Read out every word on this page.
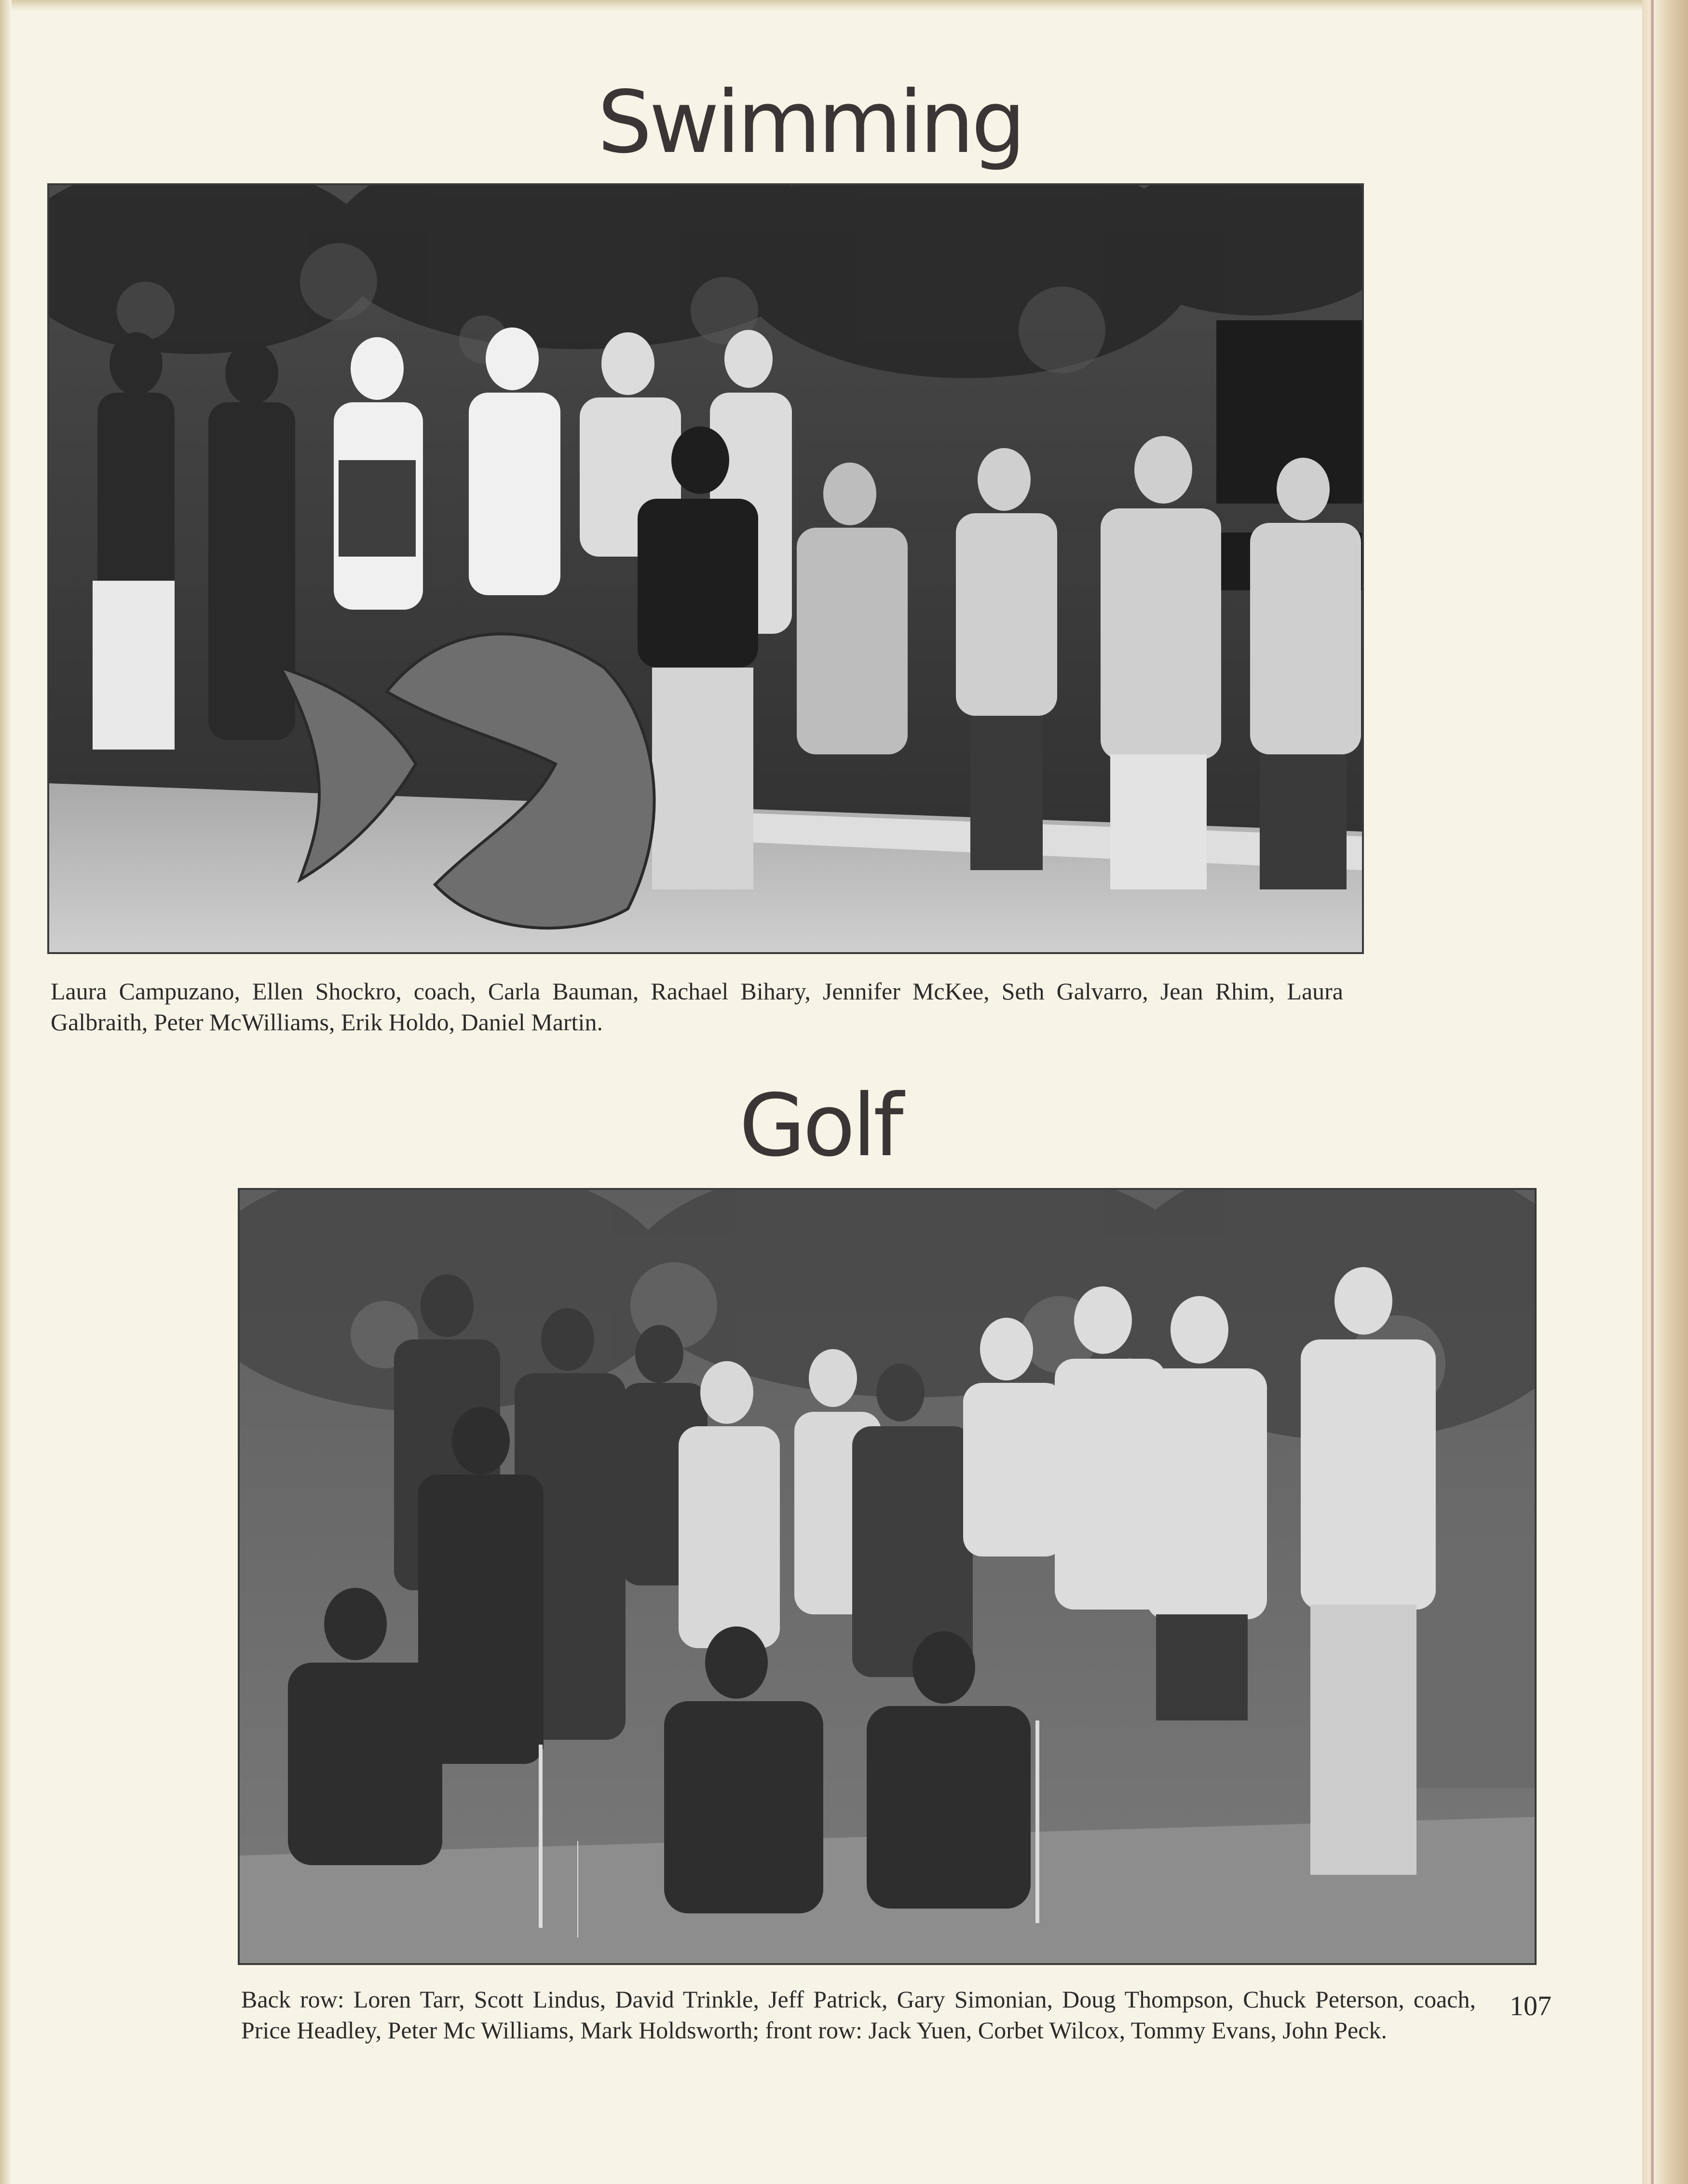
Swimming
Laura Campuzano, Ellen Shockro, coach, Carla Bauman, Rachael Bihary, Jennifer McKee, Seth Galvarro, Jean Rhim, Laura Galbraith, Peter McWilliams, Erik Holdo, Daniel Martin.
Golf
Back row: Loren Tarr, Scott Lindus, David Trinkle, Jeff Patrick, Gary Simonian, Doug Thompson, Chuck Peterson, coach, Price Headley, Peter Mc Williams, Mark Holdsworth; front row: Jack Yuen, Corbet Wilcox, Tommy Evans, John Peck.
107
